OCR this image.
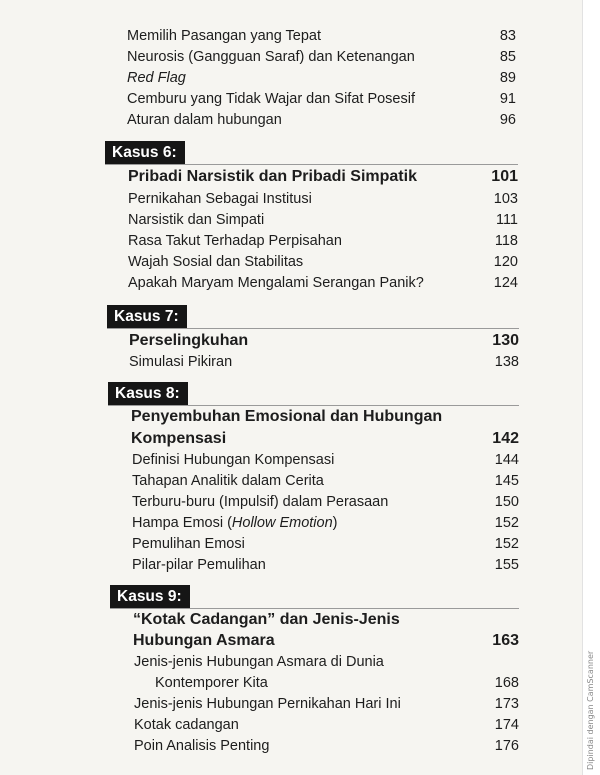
Memilih Pasangan yang Tepat	83
Neurosis (Gangguan Saraf) dan Ketenangan	85
Red Flag	89
Cemburu yang Tidak Wajar dan Sifat Posesif	91
Aturan dalam hubungan	96
Kasus 6:
Pribadi Narsistik dan Pribadi Simpatik	101
Pernikahan Sebagai Institusi	103
Narsistik dan Simpati	111
Rasa Takut Terhadap Perpisahan	118
Wajah Sosial dan Stabilitas	120
Apakah Maryam Mengalami Serangan Panik?	124
Kasus 7:
Perselingkuhan	130
Simulasi Pikiran	138
Kasus 8:
Penyembuhan Emosional dan Hubungan
Kompensasi	142
Definisi Hubungan Kompensasi	144
Tahapan Analitik dalam Cerita	145
Terburu-buru (Impulsif) dalam Perasaan	150
Hampa Emosi (Hollow Emotion)	152
Pemulihan Emosi	152
Pilar-pilar Pemulihan	155
Kasus 9:
“Kotak Cadangan” dan Jenis-Jenis
Hubungan Asmara	163
Jenis-jenis Hubungan Asmara di Dunia
Kontemporer Kita	168
Jenis-jenis Hubungan Pernikahan Hari Ini	173
Kotak cadangan	174
Poin Analisis Penting	176	Dipindai dengan CamScanner
